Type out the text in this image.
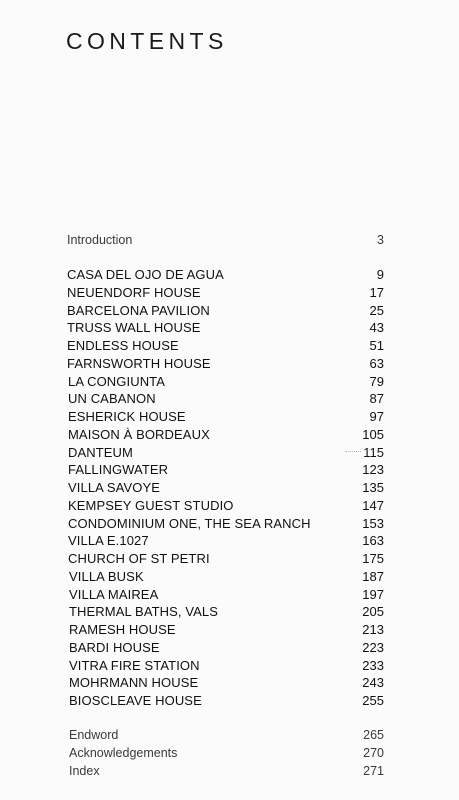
CONTENTS
Introduction	3
CASA DEL OJO DE AGUA	9
NEUENDORF HOUSE	17
BARCELONA PAVILION	25
TRUSS WALL HOUSE	43
ENDLESS HOUSE	51
FARNSWORTH HOUSE	63
LA CONGIUNTA	79
UN CABANON	87
ESHERICK HOUSE	97
MAISON À BORDEAUX	105
DANTEUM	115
FALLINGWATER	123
VILLA SAVOYE	135
KEMPSEY GUEST STUDIO	147
CONDOMINIUM ONE, THE SEA RANCH	153
VILLA E.1027	163
CHURCH OF ST PETRI	175
VILLA BUSK	187
VILLA MAIREA	197
THERMAL BATHS, VALS	205
RAMESH HOUSE	213
BARDI HOUSE	223
VITRA FIRE STATION	233
MOHRMANN HOUSE	243
BIOSCLEAVE HOUSE	255
Endword	265
Acknowledgements	270
Index	271
